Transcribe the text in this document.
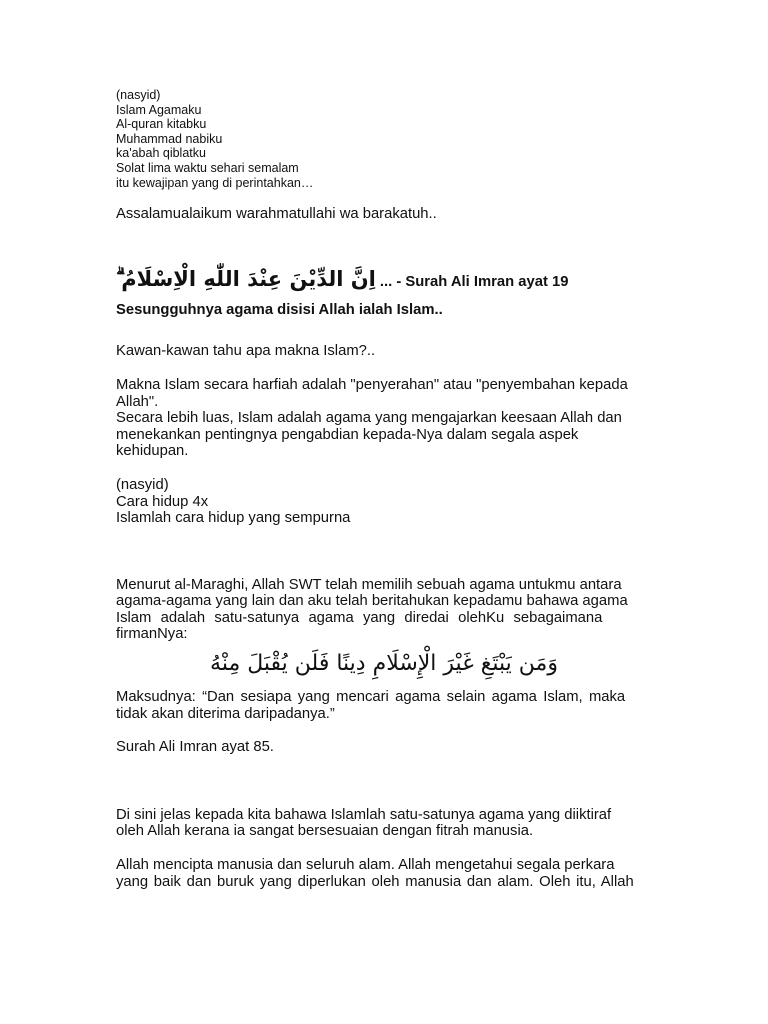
(nasyid)
Islam Agamaku
Al-quran kitabku
Muhammad nabiku
ka'abah qiblatku
Solat lima waktu sehari semalam
itu kewajipan yang di perintahkan…
Assalamualaikum warahmatullahi wa barakatuh..
اِنَّ الدِّيْنَ عِنْدَ اللّٰهِ الْاِسْلَامُ ۗ ... - Surah Ali Imran ayat 19
Sesungguhnya agama disisi Allah ialah Islam..
Kawan-kawan tahu apa makna Islam?..
Makna Islam secara harfiah adalah "penyerahan" atau "penyembahan kepada
Allah".
Secara lebih luas, Islam adalah agama yang mengajarkan keesaan Allah dan
menekankan pentingnya pengabdian kepada-Nya dalam segala aspek
kehidupan.
(nasyid)
Cara hidup 4x
Islamlah cara hidup yang sempurna
Menurut al-Maraghi, Allah SWT telah memilih sebuah agama untukmu antara
agama-agama yang lain dan aku telah beritahukan kepadamu bahawa agama
Islam adalah satu-satunya agama yang diredai olehKu sebagaimana
firmanNya:
وَمَن يَبْتَغِ غَيْرَ الْإِسْلَامِ دِينًا فَلَن يُقْبَلَ مِنْهُ
Maksudnya: “Dan sesiapa yang mencari agama selain agama Islam, maka
tidak akan diterima daripadanya.”
Surah Ali Imran ayat 85.
Di sini jelas kepada kita bahawa Islamlah satu-satunya agama yang diiktiraf
oleh Allah kerana ia sangat bersesuaian dengan fitrah manusia.
Allah mencipta manusia dan seluruh alam. Allah mengetahui segala perkara
yang baik dan buruk yang diperlukan oleh manusia dan alam. Oleh itu, Allah
